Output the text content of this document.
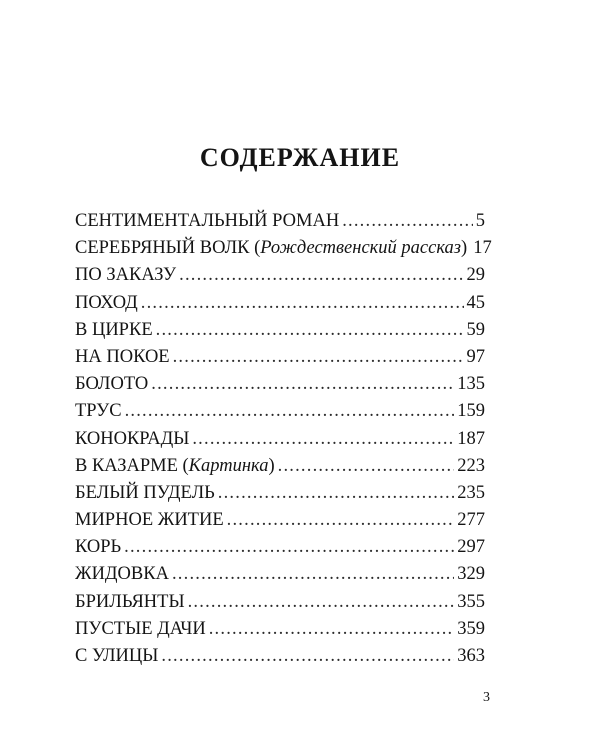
СОДЕРЖАНИЕ
СЕНТИМЕНТАЛЬНЫЙ РОМАН .....	5
СЕРЕБРЯНЫЙ ВОЛК (Рождественский рассказ) 17
ПО ЗАКАЗУ .....	29
ПОХОД .....	45
В ЦИРКЕ .....	59
НА ПОКОЕ .....	97
БОЛОТО .....	135
ТРУС .....	159
КОНОКРАДЫ .....	187
В КАЗАРМЕ (Картинка) .....	223
БЕЛЫЙ ПУДЕЛЬ .....	235
МИРНОЕ ЖИТИЕ .....	277
КОРЬ .....	297
ЖИДОВКА .....	329
БРИЛЬЯНТЫ .....	355
ПУСТЫЕ ДАЧИ .....	359
С УЛИЦЫ .....	363
3
